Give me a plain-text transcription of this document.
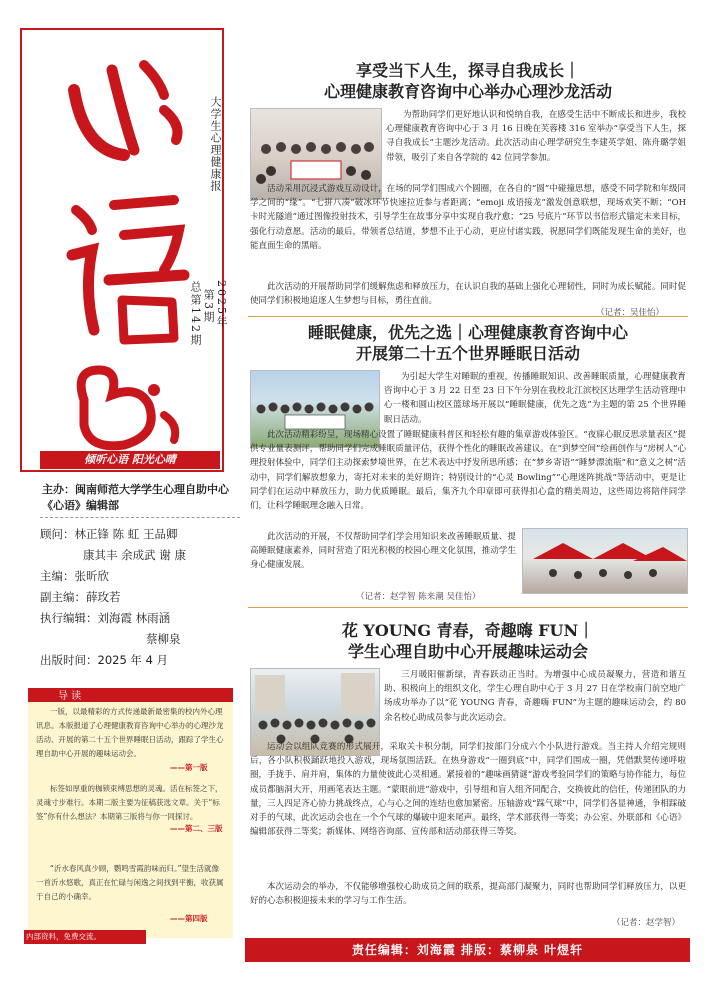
大学生心理健康报
2025年
第3期
总第142期
倾听心语 阳光心晴
主办：闽南师范大学学生心理自助中心《心语》编辑部
顾问：林正锋 陈 虹 王品卿
康其丰 余成武 谢 康
主编：张昕欣
副主编：薛玫若
执行编辑：刘海霞 林雨涵
蔡柳泉
出版时间：2025 年 4 月
导 读
一版，以最精彩的方式传递最新最密集的校内外心理讯息。本版报道了心理健康教育咨询中心举办的心理沙龙活动、开展的第二十五个世界睡眠日活动，跟踪了学生心理自助中心开展的趣味运动会。
——第一版
标签如厚重的枷锁束缚思想的灵魂。活在标签之下，灵魂寸步难行。本期二版主要为征稿获选文章。关于“标签”你有什么想法？本期第三版将与你一同探讨。
——第二、三版
“沂水春风真少顾，鹦鸣雪霞韵味而归。”望生活就像一首沂水悠歌，真正在忙碌与闲逸之间找到平衡，收获属于自己的小确幸。
——第四版
内部资料，免费交流。
享受当下人生，探寻自我成长｜
心理健康教育咨询中心举办心理沙龙活动
为帮助同学们更好地认识和悦纳自我，在感受生活中不断成长和进步，我校心理健康教育咨询中心于 3 月 16 日晚在芙蓉楼 316 室举办“享受当下人生，探寻自我成长”主题沙龙活动。此次活动由心理学研究生李建英学姐、陈舟璐学姐带领，吸引了来自各学院的 42 位同学参加。
活动采用沉浸式游戏互动设计，在场的同学们围成六个圆圈，在各自的“圆”中碰撞思想，感受不同学院和年级同学之间的“缘”。“七拼八凑”破冰环节快速拉近参与者距离；“emoji 成语接龙”激发创意联想，现场欢笑不断；“OH 卡时光隧道”通过图像投射技术，引导学生在故事分享中实现自我疗愈；“25 号底片”环节以书信形式锚定未来目标，强化行动意愿。活动的最后，带领者总结道，梦想不止于心动，更应付诸实践，祝愿同学们既能发现生命的美好，也能直面生命的黑暗。
此次活动的开展帮助同学们缓解焦虑和释放压力，在认识自我的基础上强化心理韧性，同时为成长赋能。同时促使同学们积极地追逐人生梦想与目标，勇往直前。
（记者：吴佳怡）
睡眠健康，优先之选｜心理健康教育咨询中心
开展第二十五个世界睡眠日活动
为引起大学生对睡眠的重视，传播睡眠知识、改善睡眠质量，心理健康教育咨询中心于 3 月 22 日至 23 日下午分别在我校北江滨校区达理学生活动管理中心一楼和圆山校区篮球场开展以“睡眠健康，优先之选”为主题的第 25 个世界睡眠日活动。
此次活动精彩纷呈，现场精心设置了睡眠健康科普区和轻松有趣的集章游戏体验区。“夜寐心眠反思录量表区”提供专业量表测评，帮助同学们完成睡眠质量评估，获得个性化的睡眠改善建议。在“到梦空间”绘画创作与“房树人”心理投射体验中，同学们主动探索梦境世界，在艺术表达中抒发所思所感；在“梦乡寄语”“睡梦漂流瓶”和“意义之树”活动中，同学们解放想象力，寄托对未来的美好期许；特别设计的“心灵 Bowling”“心理迷阵挑战”等活动中，更是让同学们在运动中释放压力，助力优质睡眠。最后，集齐九个印章即可获得扣心盒的精美周边，这些周边将陪伴同学们，让科学睡眠理念融入日常。
此次活动的开展，不仅帮助同学们学会用知识来改善睡眠质量、提高睡眠健康素养，同时营造了阳光积极的校园心理文化氛围，推动学生身心健康发展。
（记者：赵学智 陈来潮 吴佳怡）
花 YOUNG 青春，奇趣嗨 FUN｜
学生心理自助中心开展趣味运动会
三月暖阳催新绿，青春跃动正当时。为增强中心成员凝聚力，营造和谐互助、积极向上的组织文化，学生心理自助中心于 3 月 27 日在学校南门前空地广场成功举办了以“花 YOUNG 青春，奇趣嗨 FUN”为主题的趣味运动会，约 80 余名校心助成员参与此次运动会。
运动会以组队竞赛的形式展开，采取关卡积分制，同学们按部门分成六个小队进行游戏。当主持人介绍完规则后，各小队积极踊跃地投入游戏，现场氛围活跃。在热身游戏“一圈到底”中，同学们围成一圈，凭借默契传递呼啦圈，手拢手、肩并肩，集体的力量使彼此心灵相通。紧接着的“趣味画猜谜”游戏考验同学们的策略与协作能力，每位成员都脑洞大开，用画笔表达主题。“蒙眼前进”游戏中，引导组和盲人组齐同配合，交换彼此的信任，传递团队的力量，三人四足齐心协力挑战终点，心与心之间的连结也愈加紧密。压轴游戏“踩气球”中，同学们各显神通，争相踩破对手的气球，此次运动会也在一个个气球的爆破中迎来尾声。最终，学术部获得一等奖；办公室、外联部和《心语》编辑部获得二等奖；新媒体、网络咨询部、宣传部和活动部获得三等奖。
本次运动会的举办，不仅能够增强校心助成员之间的联系，提高部门凝聚力，同时也帮助同学们释放压力，以更好的心态积极迎接未来的学习与工作生活。
（记者：赵学智）
责任编辑：刘海霞 排版：蔡柳泉 叶煜轩
